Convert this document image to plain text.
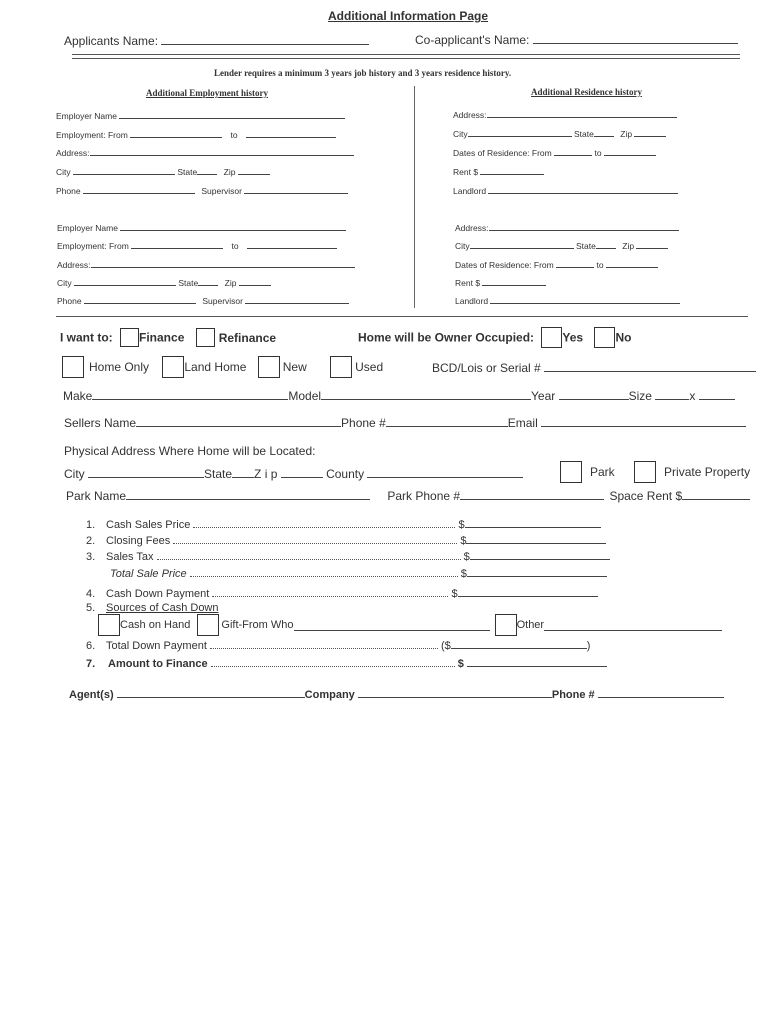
Additional Information Page
Applicants Name:	Co-applicant's Name:
Lender requires a minimum 3 years job history and 3 years residence history.
Additional Employment history	Additional Residence history
Employer Name
Employment: From	to
Address:
City	State	Zip
Phone	Supervisor
Employer Name
Employment: From	to
Address:
City	State	Zip
Phone	Supervisor
Address:
City	State	Zip
Dates of Residence: From	to
Rent $
Landlord
Address:
City	State	Zip
Dates of Residence: From	to
Rent $
Landlord
I want to: Finance	Refinance	Home will be Owner Occupied: Yes	No
Home Only	Land Home	New	Used	BCD/Lois or Serial #
Make	Model	Year	Size	x
Sellers Name	Phone #	Email
Physical Address Where Home will be Located:
City	State Z i p	County	Park	Private Property
Park Name	Park Phone #	Space Rent $
1. Cash Sales Price	$
2. Closing Fees	$
3. Sales Tax	$
Total Sale Price	$
4. Cash Down Payment	$
5. Sources of Cash Down
Cash on Hand	Gift-From Who	Other
6. Total Down Payment	($	)
7. Amount to Finance	$
Agent(s)	Company	Phone #
